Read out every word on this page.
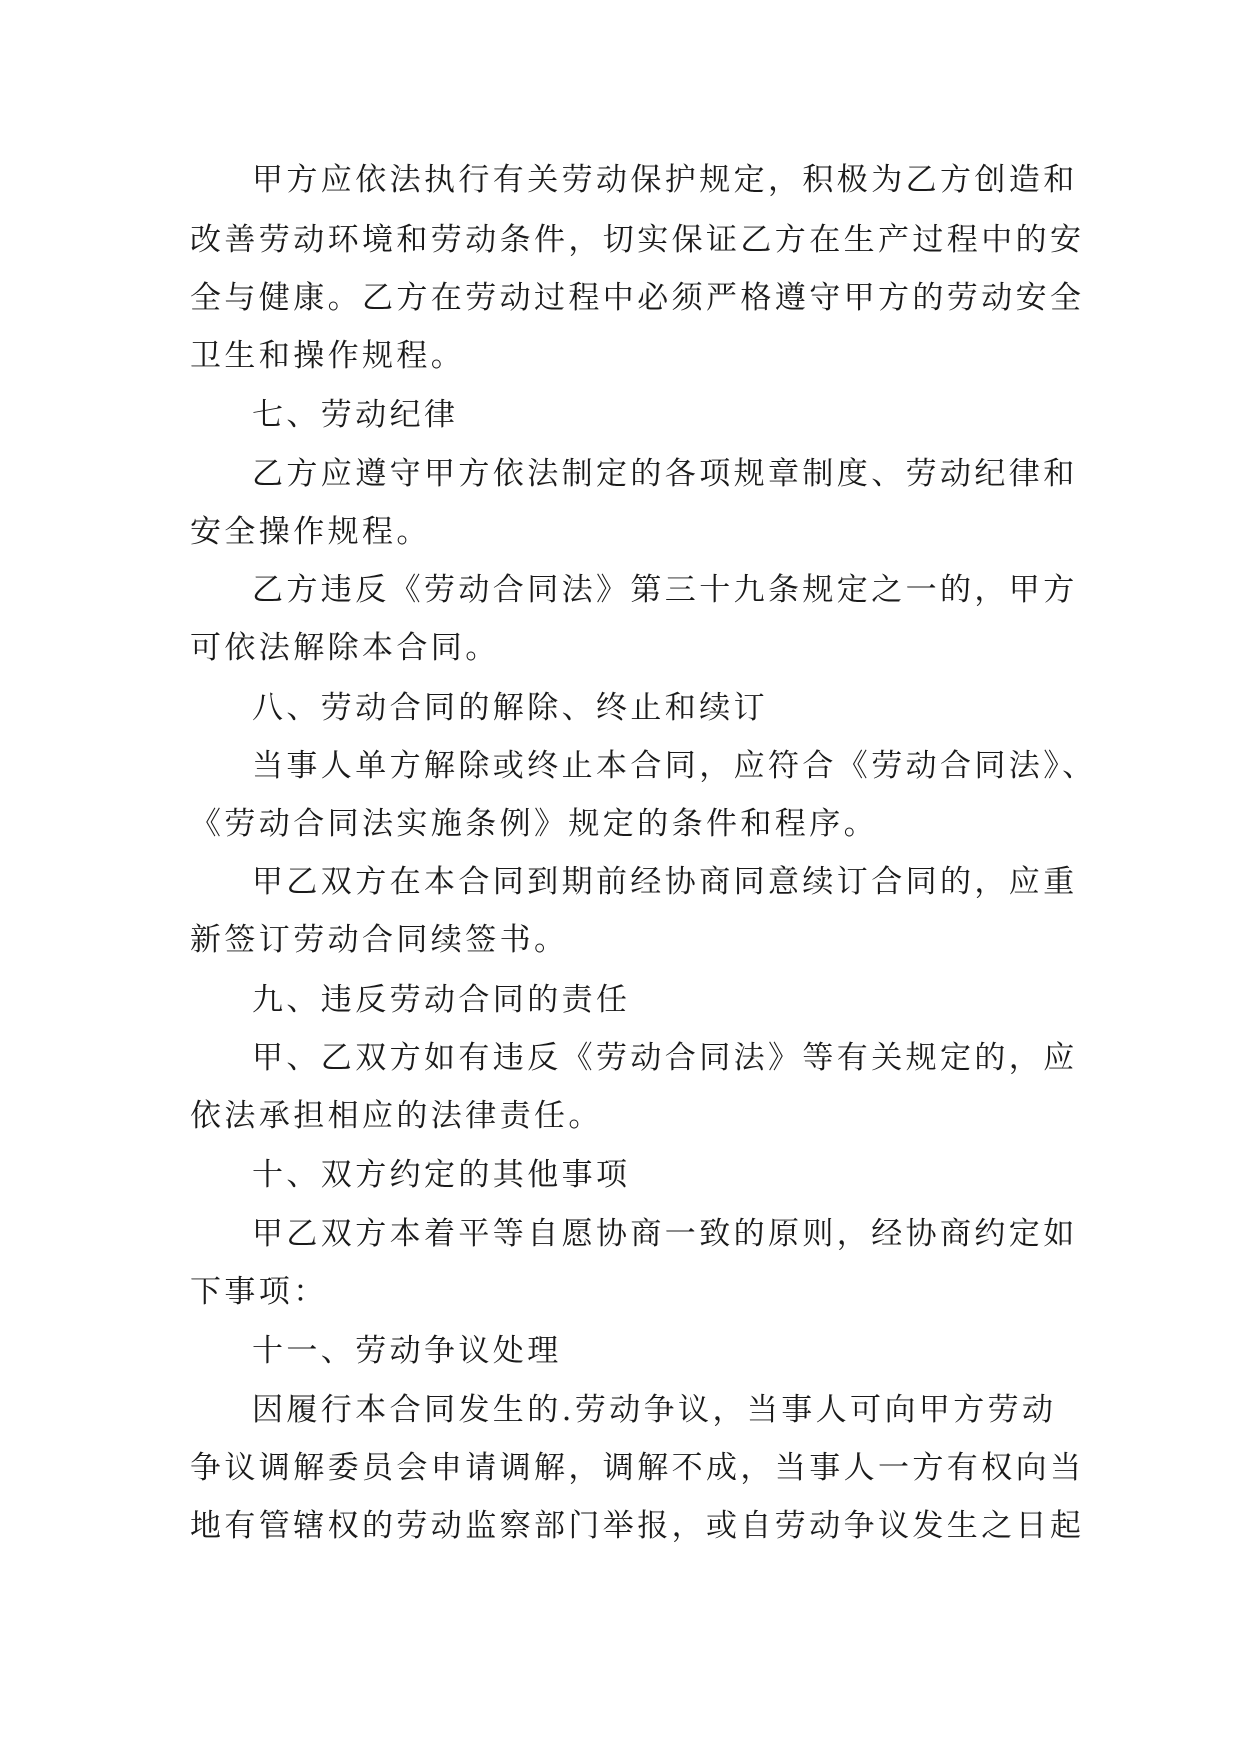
甲方应依法执行有关劳动保护规定，积极为乙方创造和
改善劳动环境和劳动条件，切实保证乙方在生产过程中的安
全与健康。乙方在劳动过程中必须严格遵守甲方的劳动安全
卫生和操作规程。
七、劳动纪律
乙方应遵守甲方依法制定的各项规章制度、劳动纪律和
安全操作规程。
乙方违反《劳动合同法》第三十九条规定之一的，甲方
可依法解除本合同。
八、劳动合同的解除、终止和续订
当事人单方解除或终止本合同，应符合《劳动合同法》、
《劳动合同法实施条例》规定的条件和程序。
甲乙双方在本合同到期前经协商同意续订合同的，应重
新签订劳动合同续签书。
九、违反劳动合同的责任
甲、乙双方如有违反《劳动合同法》等有关规定的，应
依法承担相应的法律责任。
十、双方约定的其他事项
甲乙双方本着平等自愿协商一致的原则，经协商约定如
下事项：
十一、劳动争议处理
因履行本合同发生的.劳动争议，当事人可向甲方劳动
争议调解委员会申请调解，调解不成，当事人一方有权向当
地有管辖权的劳动监察部门举报，或自劳动争议发生之日起
